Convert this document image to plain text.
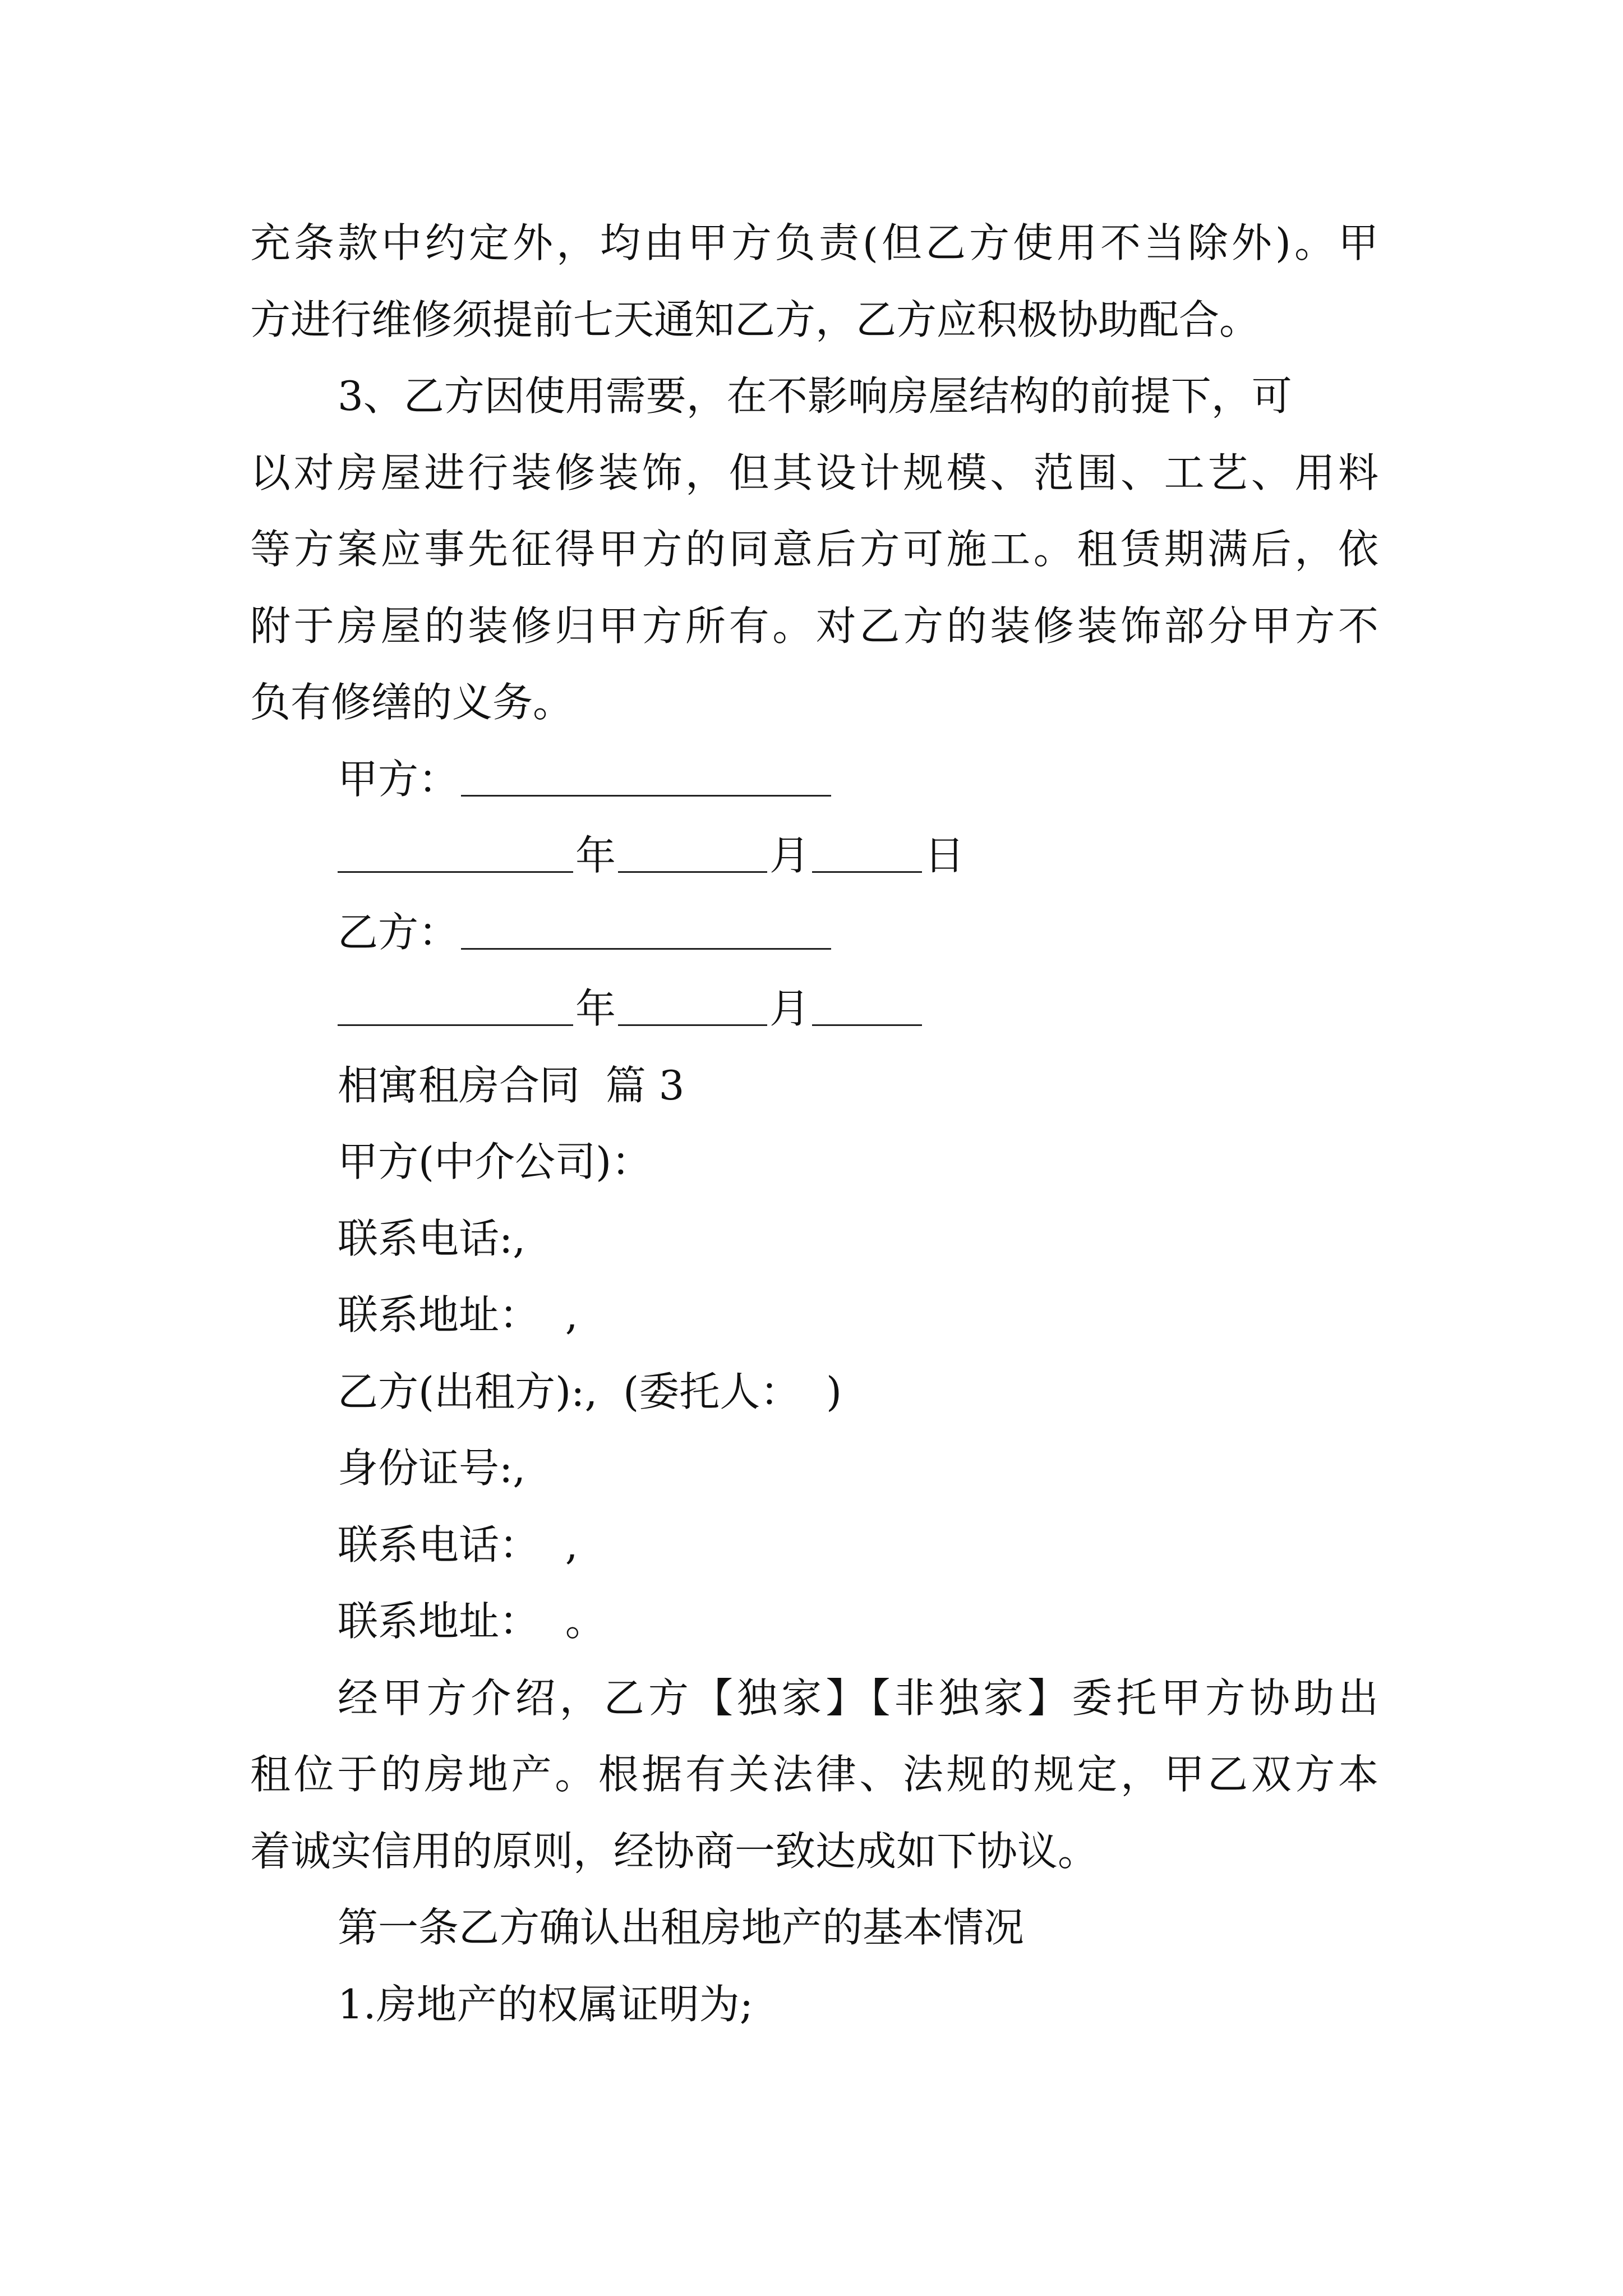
充条款中约定外，均由甲方负责(但乙方使用不当除外)。甲
方进行维修须提前七天通知乙方，乙方应积极协助配合。
3、乙方因使用需要，在不影响房屋结构的前提下，可
以对房屋进行装修装饰，但其设计规模、范围、工艺、用料
等方案应事先征得甲方的同意后方可施工。租赁期满后，依
附于房屋的装修归甲方所有。对乙方的装修装饰部分甲方不
负有修缮的义务。
甲方：
年	月	日
乙方：
年	月
相寓租房合同  篇 3
甲方(中介公司)：
联系电话:,
联系地址：  ,
乙方(出租方):,  (委托人：  )
身份证号:,
联系电话：  ,
联系地址：  。
经甲方介绍，乙方【独家】【非独家】委托甲方协助出
租位于的房地产。根据有关法律、法规的规定，甲乙双方本
着诚实信用的原则，经协商一致达成如下协议。
第一条乙方确认出租房地产的基本情况
1.房地产的权属证明为;
